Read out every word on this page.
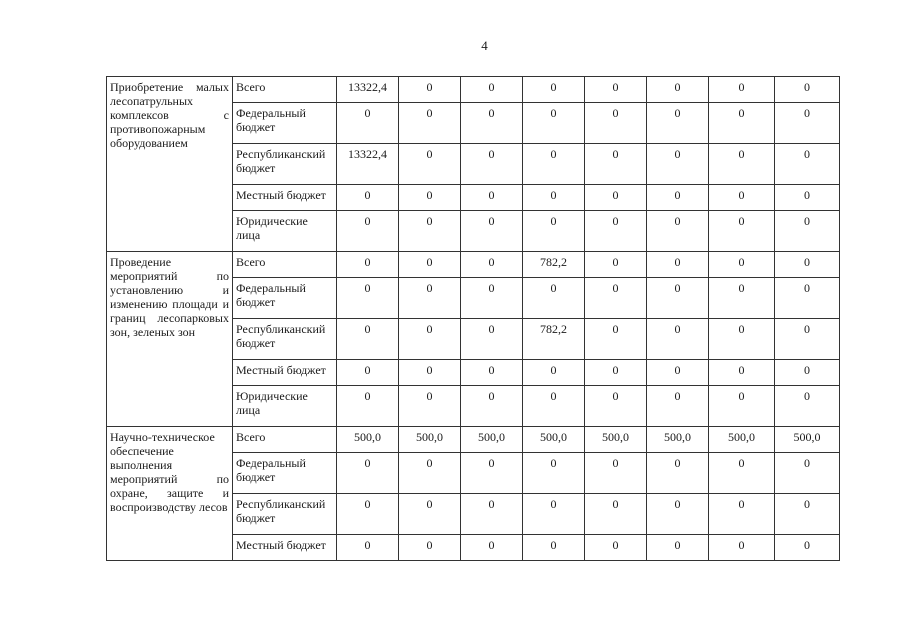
4
Приобретение малых лесопатрульных комплексов с противопожарным оборудованием	Всего	13322,4	0	0	0	0	0	0	0
	Федеральный бюджет	0	0	0	0	0	0	0	0
	Республиканский бюджет	13322,4	0	0	0	0	0	0	0
	Местный бюджет	0	0	0	0	0	0	0	0
	Юридические лица	0	0	0	0	0	0	0	0
Проведение мероприятий по установлению и изменению площади и границ лесопарковых зон, зеленых зон	Всего	0	0	0	782,2	0	0	0	0
	Федеральный бюджет	0	0	0	0	0	0	0	0
	Республиканский бюджет	0	0	0	782,2	0	0	0	0
	Местный бюджет	0	0	0	0	0	0	0	0
	Юридические лица	0	0	0	0	0	0	0	0
Научно-техническое обеспечение выполнения мероприятий по охране, защите и воспроизводству лесов	Всего	500,0	500,0	500,0	500,0	500,0	500,0	500,0	500,0
	Федеральный бюджет	0	0	0	0	0	0	0	0
	Республиканский бюджет	0	0	0	0	0	0	0	0
	Местный бюджет	0	0	0	0	0	0	0	0
